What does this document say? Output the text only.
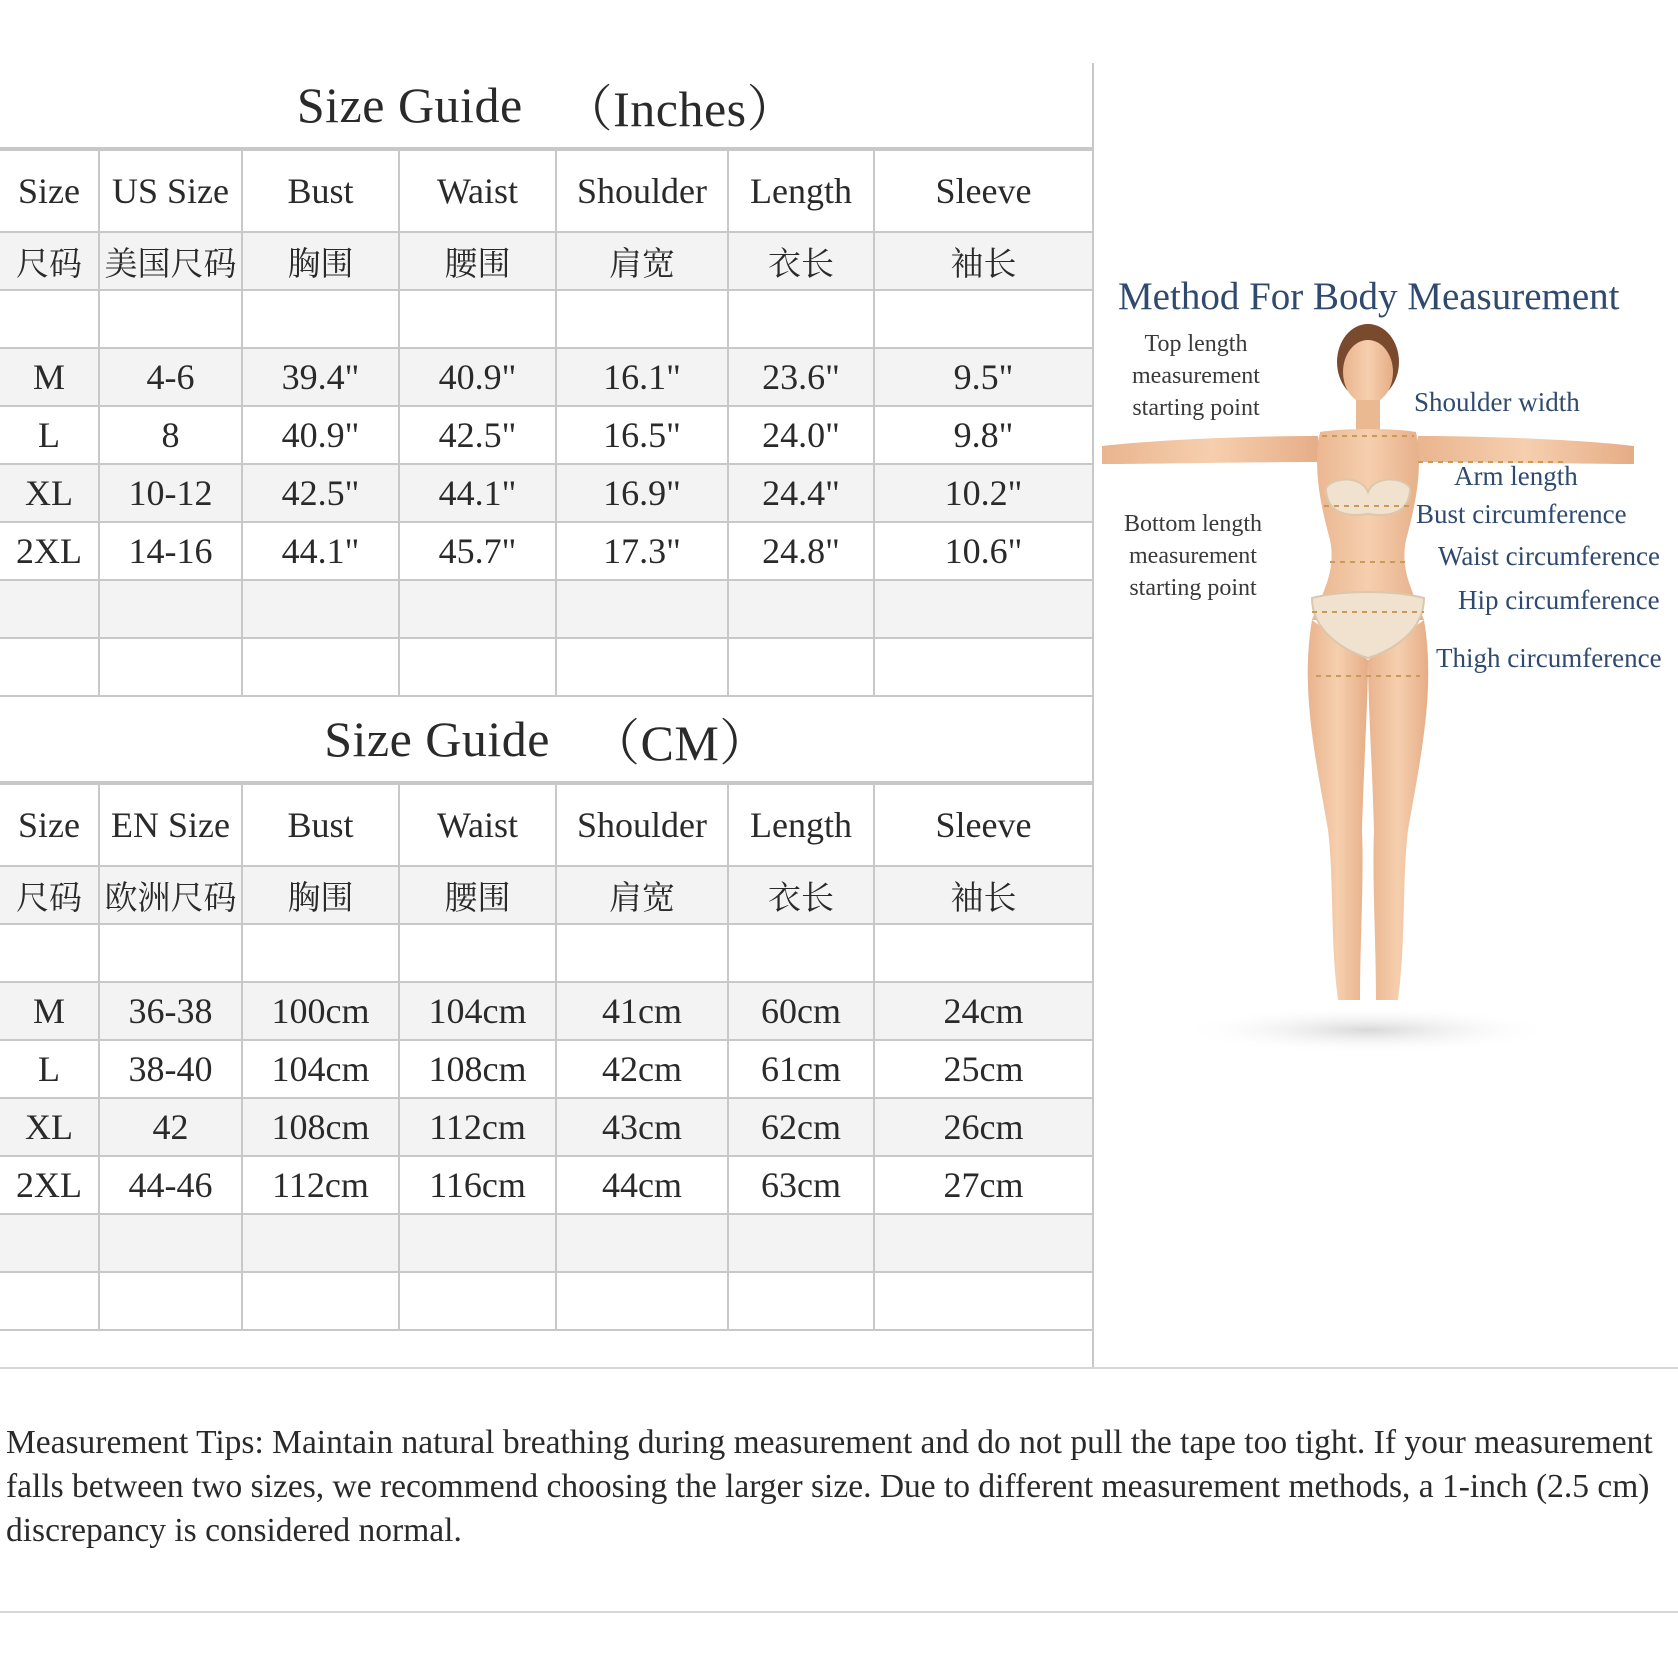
Size Guide （Inches）
Size	US Size	Bust	Waist	Shoulder	Length	Sleeve
尺码	美国尺码	胸围	腰围	肩宽	衣长	袖长

M	4-6	39.4"	40.9"	16.1"	23.6"	9.5"
L	8	40.9"	42.5"	16.5"	24.0"	9.8"
XL	10-12	42.5"	44.1"	16.9"	24.4"	10.2"
2XL	14-16	44.1"	45.7"	17.3"	24.8"	10.6"

Size Guide （CM）
Size	EN Size	Bust	Waist	Shoulder	Length	Sleeve
尺码	欧洲尺码	胸围	腰围	肩宽	衣长	袖长

M	36-38	100cm	104cm	41cm	60cm	24cm
L	38-40	104cm	108cm	42cm	61cm	25cm
XL	42	108cm	112cm	43cm	62cm	26cm
2XL	44-46	112cm	116cm	44cm	63cm	27cm

Method For Body Measurement
Top length
measurement
starting point	Shoulder width
Arm length
Bust circumference
Waist circumference
Hip circumference
Thigh circumference
Bottom length
measurement
starting point
Measurement Tips: Maintain natural breathing during measurement and do not pull the tape too tight. If your measurement falls between two sizes, we recommend choosing the larger size. Due to different measurement methods, a 1-inch (2.5 cm) discrepancy is considered normal.
